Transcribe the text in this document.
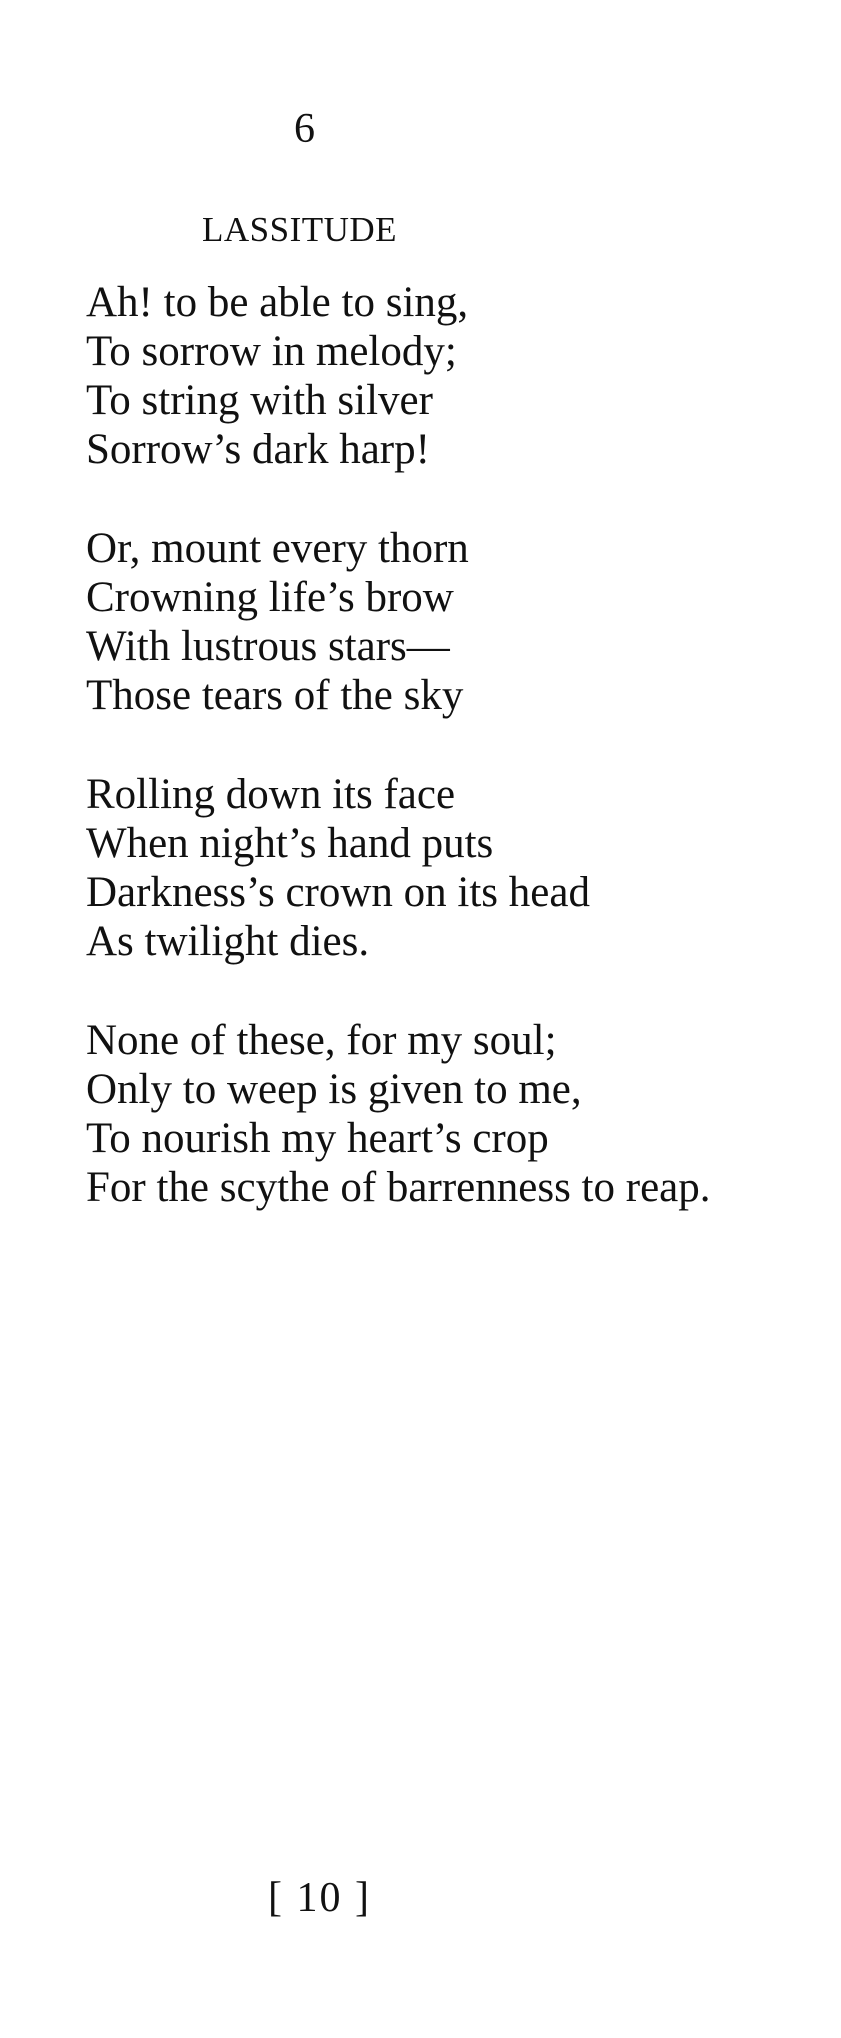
6
LASSITUDE
Ah! to be able to sing,
To sorrow in melody;
To string with silver
Sorrow’s dark harp!
Or, mount every thorn
Crowning life’s brow
With lustrous stars—
Those tears of the sky
Rolling down its face
When night’s hand puts
Darkness’s crown on its head
As twilight dies.
None of these, for my soul;
Only to weep is given to me,
To nourish my heart’s crop
For the scythe of barrenness to reap.
[ 10 ]
